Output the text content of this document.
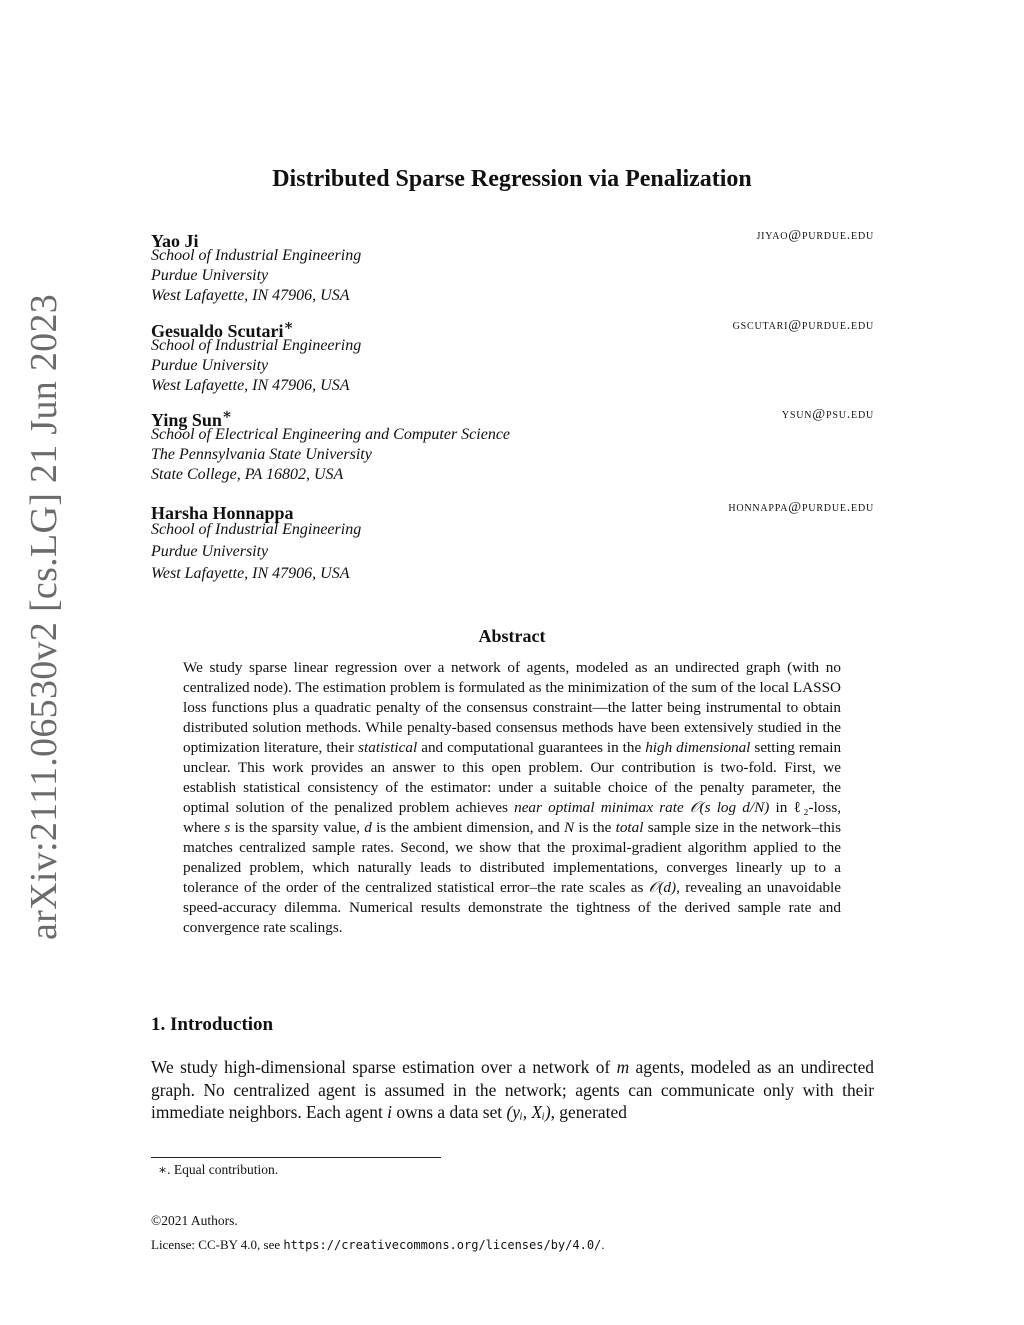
arXiv:2111.06530v2 [cs.LG] 21 Jun 2023
Distributed Sparse Regression via Penalization
Yao Ji	jiyao@purdue.edu
School of Industrial Engineering
Purdue University
West Lafayette, IN 47906, USA
Gesualdo Scutari∗	gscutari@purdue.edu
School of Industrial Engineering
Purdue University
West Lafayette, IN 47906, USA
Ying Sun∗	ysun@psu.edu
School of Electrical Engineering and Computer Science
The Pennsylvania State University
State College, PA 16802, USA
Harsha Honnappa	honnappa@purdue.edu
School of Industrial Engineering
Purdue University
West Lafayette, IN 47906, USA
Abstract
We study sparse linear regression over a network of agents, modeled as an undirected graph (with no centralized node). The estimation problem is formulated as the minimization of the sum of the local LASSO loss functions plus a quadratic penalty of the consensus constraint—the latter being instrumental to obtain distributed solution methods. While penalty-based consensus methods have been extensively studied in the optimization literature, their statistical and computational guarantees in the high dimensional setting remain unclear. This work provides an answer to this open problem. Our contribution is two-fold. First, we establish statistical consistency of the estimator: under a suitable choice of the penalty parameter, the optimal solution of the penalized problem achieves near optimal minimax rate 𝒪(s log d/N) in ℓ₂-loss, where s is the sparsity value, d is the ambient dimension, and N is the total sample size in the network–this matches centralized sample rates. Second, we show that the proximal-gradient algorithm applied to the penalized problem, which naturally leads to distributed implementations, converges linearly up to a tolerance of the order of the centralized statistical error–the rate scales as 𝒪(d), revealing an unavoidable speed-accuracy dilemma. Numerical results demonstrate the tightness of the derived sample rate and convergence rate scalings.
1. Introduction
We study high-dimensional sparse estimation over a network of m agents, modeled as an undirected graph. No centralized agent is assumed in the network; agents can communicate only with their immediate neighbors. Each agent i owns a data set (yᵢ, Xᵢ), generated
∗. Equal contribution.
©2021 Authors.
License: CC-BY 4.0, see https://creativecommons.org/licenses/by/4.0/.
